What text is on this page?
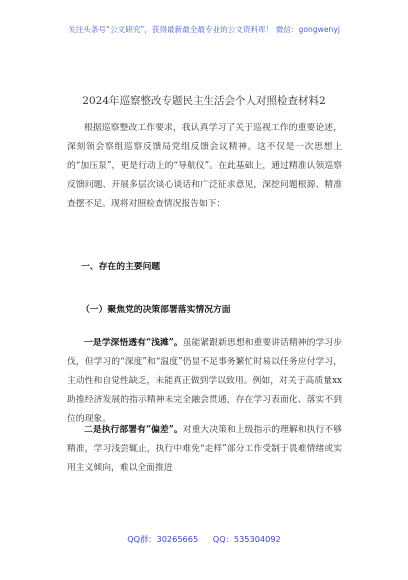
关注头条号“公文研究”，获得最新最全最专业的公文资料库！ 微信：gongwenyj
2024年巡察整改专题民主生活会个人对照检查材料2

根据巡察整改工作要求，我认真学习了关于巡视工作的重要论述，深刻领会察组巡察反馈局党组反馈会议精神。这不仅是一次思想上的“加压泵”，更是行动上的“导航仪”。在此基础上，通过精准认领巡察反馈问题、开展多层次谈心谈话和广泛征求意见，深挖问题根源、精准查摆不足。现将对照检查情况报告如下：

一、存在的主要问题
（一）聚焦党的决策部署落实情况方面

一是学深悟透有“浅滩”。虽能紧跟新思想和重要讲话精神的学习步伐，但学习的“深度”和“温度”仍显不足事务繁忙时易以任务应付学习，主动性和自觉性缺乏，未能真正做到学以致用。例如，对关于高质量xx助推经济发展的指示精神未完全融会贯通，存在学习表面化、落实不到位的现象。

二是执行部署有“偏差”。对重大决策和上级指示的理解和执行不够精准，学习浅尝辄止，执行中难免“走样”部分工作受制于畏难情绪或实用主义倾向，难以全面推进

QQ群：30265665 QQ：535304092
